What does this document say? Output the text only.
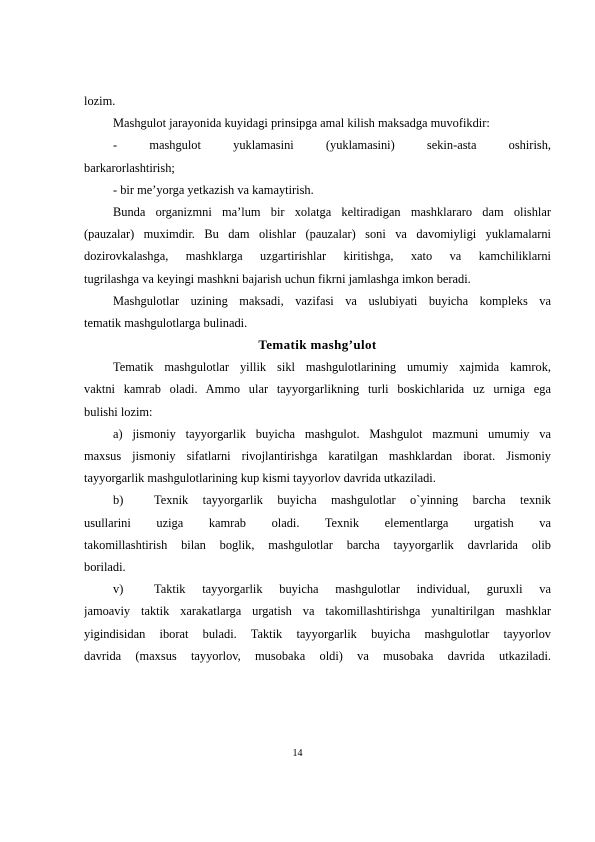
lozim.
Mashgulot jarayonida kuyidagi prinsipga amal kilish maksadga muvofikdir:
- mashgulot yuklamasini (yuklamasini) sekin-asta oshirish,
barkarorlashtirish;
- bir me’yorga yetkazish va kamaytirish.
Bunda organizmni ma’lum bir xolatga keltiradigan mashklararo dam olishlar
(pauzalar) muximdir. Bu dam olishlar (pauzalar) soni va davomiyligi yuklamalarni
dozirovkalashga, mashklarga uzgartirishlar kiritishga, xato va kamchiliklarni
tugrilashga va keyingi mashkni bajarish uchun fikrni jamlashga imkon beradi.
Mashgulotlar uzining maksadi, vazifasi va uslubiyati buyicha kompleks va
tematik mashgulotlarga bulinadi.
Tematik mashg’ulot
Tematik mashgulotlar yillik sikl mashgulotlarining umumiy xajmida kamrok,
vaktni kamrab oladi. Ammo ular tayyorgarlikning turli boskichlarida uz urniga ega
bulishi lozim:
a) jismoniy tayyorgarlik buyicha mashgulot. Mashgulot mazmuni umumiy va
maxsus jismoniy sifatlarni rivojlantirishga karatilgan mashklardan iborat. Jismoniy
tayyorgarlik mashgulotlarining kup kismi tayyorlov davrida utkaziladi.
b)	Texnik tayyorgarlik buyicha mashgulotlar o`yinning barcha texnik
usullarini uziga kamrab oladi. Texnik elementlarga urgatish va
takomillashtirish bilan boglik, mashgulotlar barcha tayyorgarlik davrlarida olib
boriladi.
v)	Taktik tayyorgarlik buyicha mashgulotlar individual, guruxli va
jamoaviy taktik xarakatlarga urgatish va takomillashtirishga yunaltirilgan mashklar
yigindisidan iborat buladi. Taktik tayyorgarlik buyicha mashgulotlar tayyorlov
davrida (maxsus tayyorlov, musobaka oldi) va musobaka davrida utkaziladi.
14
